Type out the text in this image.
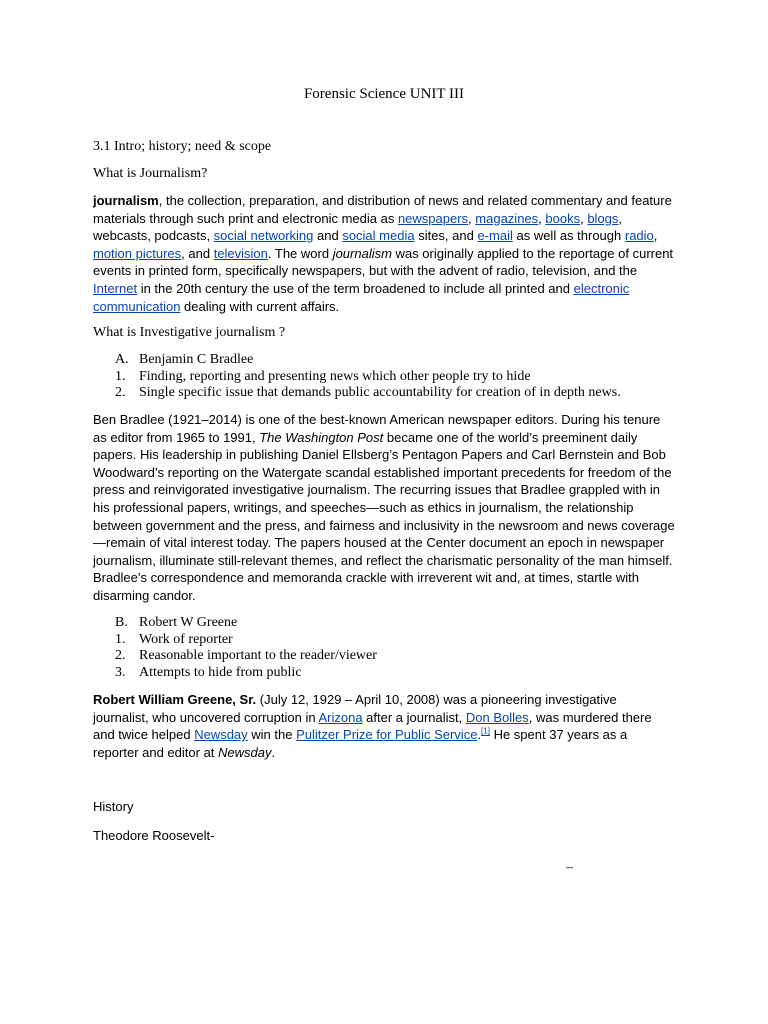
Forensic Science UNIT III
3.1 Intro; history; need & scope
What is Journalism?

journalism, the collection, preparation, and distribution of news and related commentary and feature materials through such print and electronic media as newspapers, magazines, books, blogs, webcasts, podcasts, social networking and social media sites, and e-mail as well as through radio, motion pictures, and television. The word journalism was originally applied to the reportage of current events in printed form, specifically newspapers, but with the advent of radio, television, and the Internet in the 20th century the use of the term broadened to include all printed and electronic communication dealing with current affairs.

What is Investigative journalism ?
A. Benjamin C Bradlee
1. Finding, reporting and presenting news which other people try to hide
2. Single specific issue that demands public accountability for creation of in depth news.

Ben Bradlee (1921–2014) is one of the best-known American newspaper editors. During his tenure as editor from 1965 to 1991, The Washington Post became one of the world’s preeminent daily papers. His leadership in publishing Daniel Ellsberg’s Pentagon Papers and Carl Bernstein and Bob Woodward’s reporting on the Watergate scandal established important precedents for freedom of the press and reinvigorated investigative journalism. The recurring issues that Bradlee grappled with in his professional papers, writings, and speeches—such as ethics in journalism, the relationship between government and the press, and fairness and inclusivity in the newsroom and news coverage—remain of vital interest today. The papers housed at the Center document an epoch in newspaper journalism, illuminate still-relevant themes, and reflect the charismatic personality of the man himself. Bradlee’s correspondence and memoranda crackle with irreverent wit and, at times, startle with disarming candor.

B. Robert W Greene
1. Work of reporter
2. Reasonable important to the reader/viewer
3. Attempts to hide from public

Robert William Greene, Sr. (July 12, 1929 – April 10, 2008) was a pioneering investigative journalist, who uncovered corruption in Arizona after a journalist, Don Bolles, was murdered there and twice helped Newsday win the Pulitzer Prize for Public Service.[1] He spent 37 years as a reporter and editor at Newsday.

History
Theodore Roosevelt-
–
